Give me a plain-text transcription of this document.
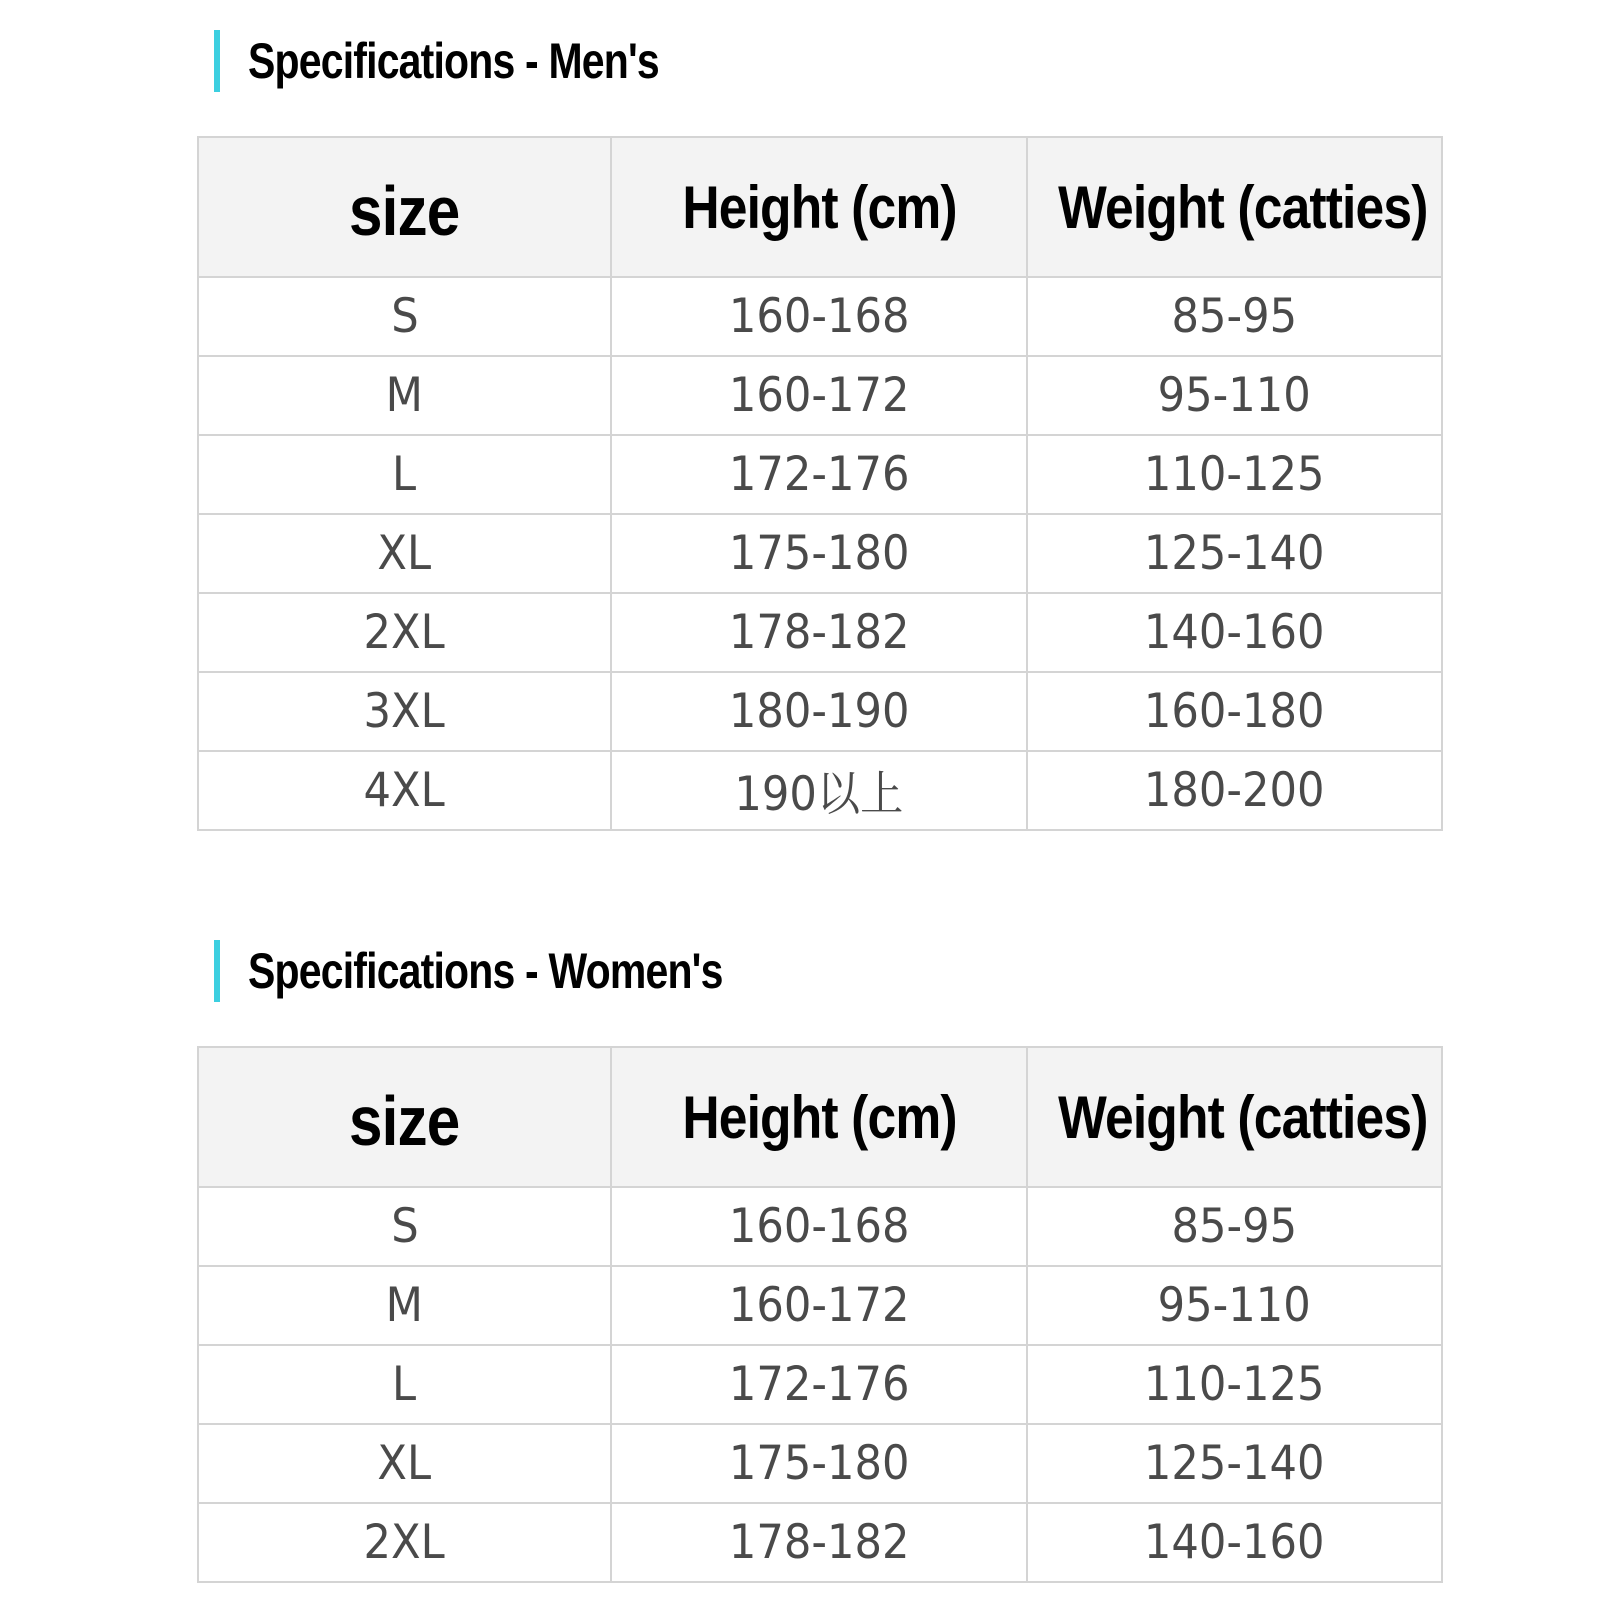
Specifications - Men's
size	Height (cm)	Weight (catties)
S	160-168	85-95
M	160-172	95-110
L	172-176	110-125
XL	175-180	125-140
2XL	178-182	140-160
3XL	180-190	160-180
4XL	190以上	180-200
Specifications - Women's
size	Height (cm)	Weight (catties)
S	160-168	85-95
M	160-172	95-110
L	172-176	110-125
XL	175-180	125-140
2XL	178-182	140-160
